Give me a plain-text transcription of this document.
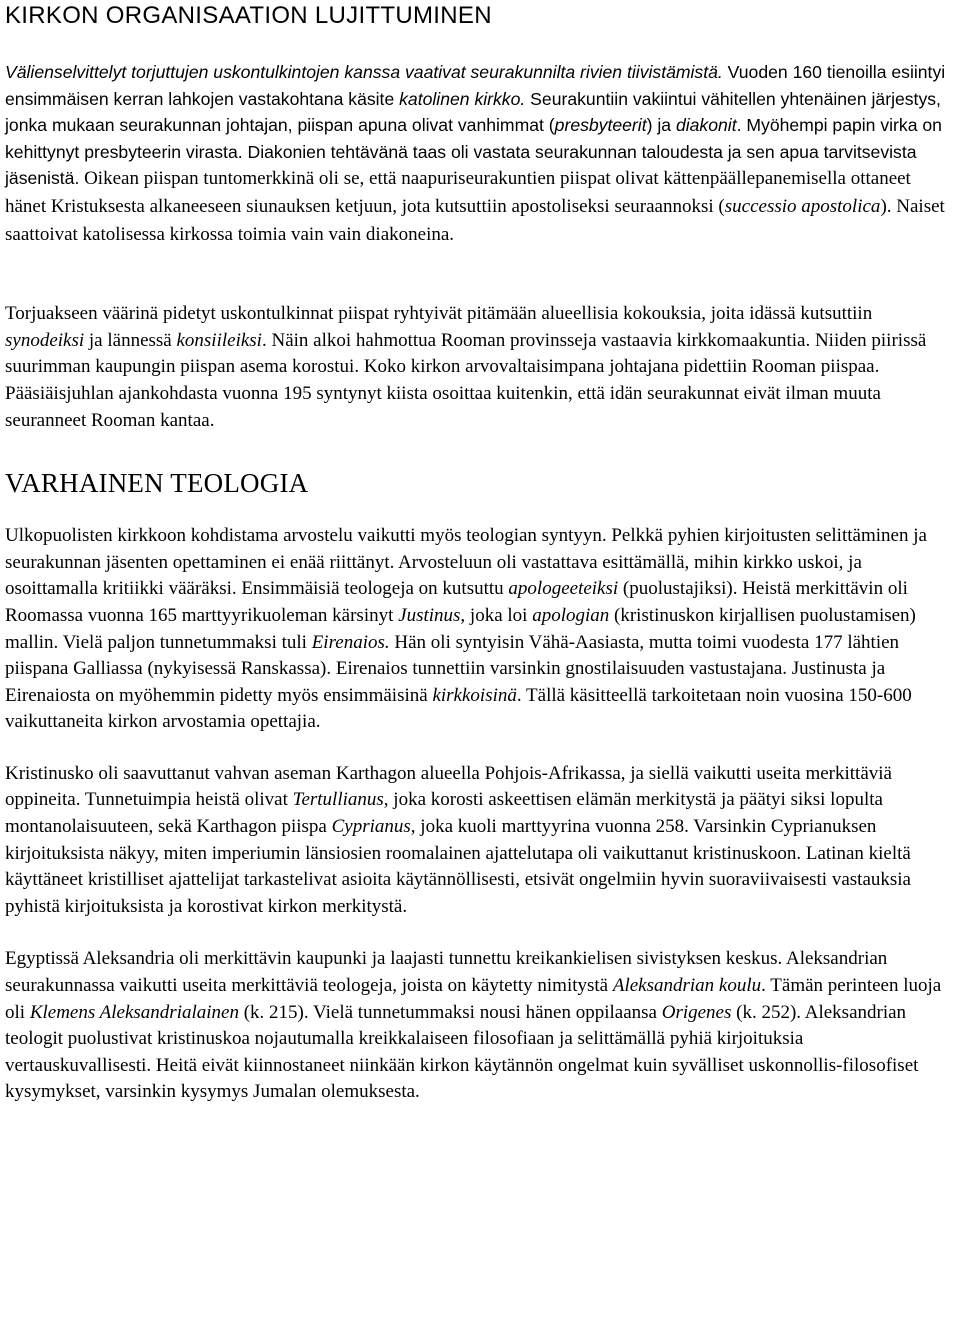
KIRKON ORGANISAATION LUJITTUMINEN

Välienselvittelyt torjuttujen uskontulkintojen kanssa vaativat seurakunnilta rivien tiivistämistä. Vuoden 160 tienoilla esiintyi ensimmäisen kerran lahkojen vastakohtana käsite katolinen kirkko. Seurakuntiin vakiintui vähitellen yhtenäinen järjestys, jonka mukaan seurakunnan johtajan, piispan apuna olivat vanhimmat (presbyteerit) ja diakonit. Myöhempi papin virka on kehittynyt presbyteerin virasta. Diakonien tehtävänä taas oli vastata seurakunnan taloudesta ja sen apua tarvitsevista jäsenistä. Oikean piispan tuntomerkkinä oli se, että naapuriseurakuntien piispat olivat kättenpäällepanemisella ottaneet hänet Kristuksesta alkaneeseen siunauksen ketjuun, jota kutsuttiin apostoliseksi seuraannoksi (successio apostolica). Naiset saattoivat katolisessa kirkossa toimia vain vain diakoneina.

Torjuakseen väärinä pidetyt uskontulkinnat piispat ryhtyivät pitämään alueellisia kokouksia, joita idässä kutsuttiin synodeiksi ja lännessä konsiileiksi. Näin alkoi hahmottua Rooman provinsseja vastaavia kirkkomaakuntia. Niiden piirissä suurimman kaupungin piispan asema korostui. Koko kirkon arvovaltaisimpana johtajana pidettiin Rooman piispaa. Pääsiäisjuhlan ajankohdasta vuonna 195 syntynyt kiista osoittaa kuitenkin, että idän seurakunnat eivät ilman muuta seuranneet Rooman kantaa.

VARHAINEN TEOLOGIA

Ulkopuolisten kirkkoon kohdistama arvostelu vaikutti myös teologian syntyyn. Pelkkä pyhien kirjoitusten selittäminen ja seurakunnan jäsenten opettaminen ei enää riittänyt. Arvosteluun oli vastattava esittämällä, mihin kirkko uskoi, ja osoittamalla kritiikki vääräksi. Ensimmäisiä teologeja on kutsuttu apologeeteiksi (puolustajiksi). Heistä merkittävin oli Roomassa vuonna 165 marttyyrikuoleman kärsinyt Justinus, joka loi apologian (kristinuskon kirjallisen puolustamisen) mallin. Vielä paljon tunnetummaksi tuli Eirenaios. Hän oli syntyisin Vähä-Aasiasta, mutta toimi vuodesta 177 lähtien piispana Galliassa (nykyisessä Ranskassa). Eirenaios tunnettiin varsinkin gnostilaisuuden vastustajana. Justinusta ja Eirenaiosta on myöhemmin pidetty myös ensimmäisinä kirkkoisinä. Tällä käsitteellä tarkoitetaan noin vuosina 150-600 vaikuttaneita kirkon arvostamia opettajia.

Kristinusko oli saavuttanut vahvan aseman Karthagon alueella Pohjois-Afrikassa, ja siellä vaikutti useita merkittäviä oppineita. Tunnetuimpia heistä olivat Tertullianus, joka korosti askeettisen elämän merkitystä ja päätyi siksi lopulta montanolaisuuteen, sekä Karthagon piispa Cyprianus, joka kuoli marttyyrina vuonna 258. Varsinkin Cyprianuksen kirjoituksista näkyy, miten imperiumin länsiosien roomalainen ajattelutapa oli vaikuttanut kristinuskoon. Latinan kieltä käyttäneet kristilliset ajattelijat tarkastelivat asioita käytännöllisesti, etsivät ongelmiin hyvin suoraviivaisesti vastauksia pyhistä kirjoituksista ja korostivat kirkon merkitystä.

Egyptissä Aleksandria oli merkittävin kaupunki ja laajasti tunnettu kreikankielisen sivistyksen keskus. Aleksandrian seurakunnassa vaikutti useita merkittäviä teologeja, joista on käytetty nimitystä Aleksandrian koulu. Tämän perinteen luoja oli Klemens Aleksandrialainen (k. 215). Vielä tunnetummaksi nousi hänen oppilaansa Origenes (k. 252). Aleksandrian teologit puolustivat kristinuskoa nojautumalla kreikkalaiseen filosofiaan ja selittämällä pyhiä kirjoituksia vertauskuvallisesti. Heitä eivät kiinnostaneet niinkään kirkon käytännön ongelmat kuin syvälliset uskonnollis-filosofiset kysymykset, varsinkin kysymys Jumalan olemuksesta.
